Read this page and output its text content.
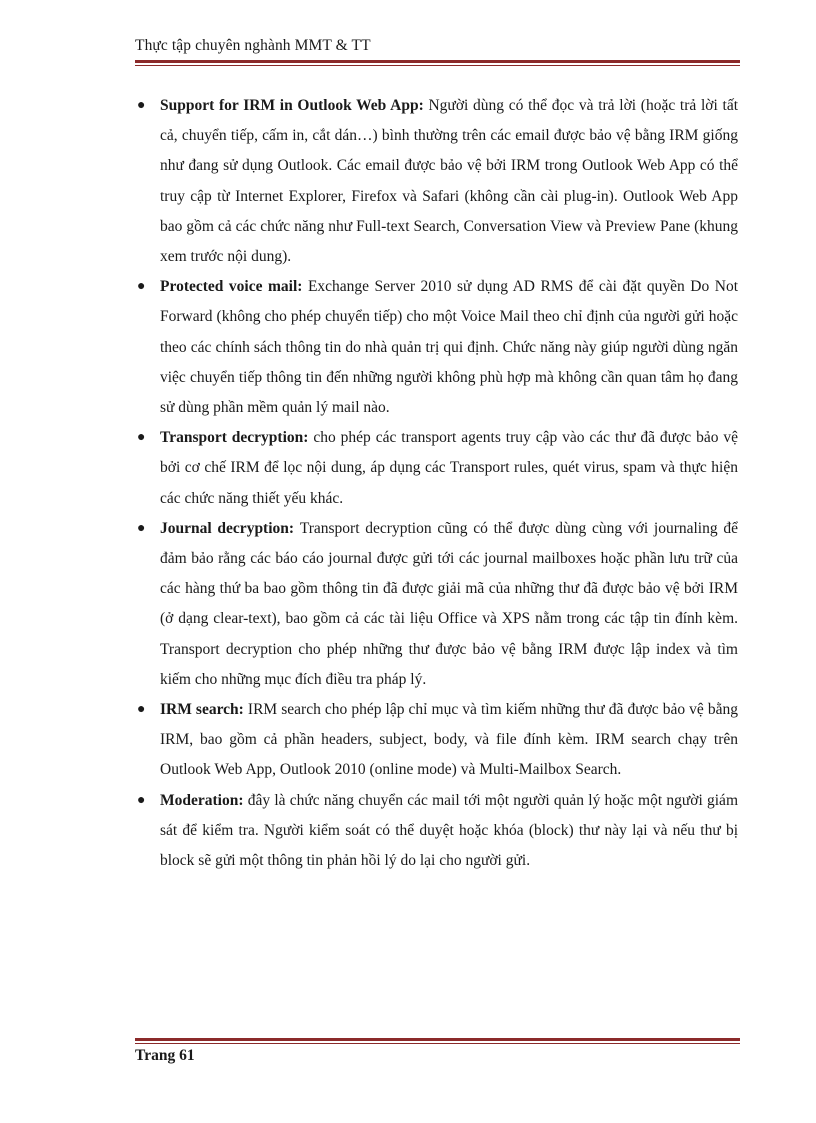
Thực tập chuyên nghành MMT & TT
● Support for IRM in Outlook Web App: Người dùng có thể đọc và trả lời (hoặc trả lời tất cả, chuyển tiếp, cấm in, cắt dán…) bình thường trên các email được bảo vệ bằng IRM giống như đang sử dụng Outlook. Các email được bảo vệ bởi IRM trong Outlook Web App có thể truy cập từ Internet Explorer, Firefox và Safari (không cần cài plug-in). Outlook Web App bao gồm cả các chức năng như Full-text Search, Conversation View và Preview Pane (khung xem trước nội dung).
● Protected voice mail: Exchange Server 2010 sử dụng AD RMS để cài đặt quyền Do Not Forward (không cho phép chuyển tiếp) cho một Voice Mail theo chỉ định của người gửi hoặc theo các chính sách thông tin do nhà quản trị qui định. Chức năng này giúp người dùng ngăn việc chuyển tiếp thông tin đến những người không phù hợp mà không cần quan tâm họ đang sử dùng phần mềm quản lý mail nào.
● Transport decryption: cho phép các transport agents truy cập vào các thư đã được bảo vệ bởi cơ chế IRM để lọc nội dung, áp dụng các Transport rules, quét virus, spam và thực hiện các chức năng thiết yếu khác.
● Journal decryption: Transport decryption cũng có thể được dùng cùng với journaling để đảm bảo rằng các báo cáo journal được gửi tới các journal mailboxes hoặc phần lưu trữ của các hàng thứ ba bao gồm thông tin đã được giải mã của những thư đã được bảo vệ bởi IRM (ở dạng clear-text), bao gồm cả các tài liệu Office và XPS nằm trong các tập tin đính kèm. Transport decryption cho phép những thư được bảo vệ bằng IRM được lập index và tìm kiếm cho những mục đích điều tra pháp lý.
● IRM search: IRM search cho phép lập chỉ mục và tìm kiếm những thư đã được bảo vệ bằng IRM, bao gồm cả phần headers, subject, body, và file đính kèm. IRM search chạy trên Outlook Web App, Outlook 2010 (online mode) và Multi-Mailbox Search.
● Moderation: đây là chức năng chuyển các mail tới một người quản lý hoặc một người giám sát để kiểm tra. Người kiểm soát có thể duyệt hoặc khóa (block) thư này lại và nếu thư bị block sẽ gửi một thông tin phản hồi lý do lại cho người gửi.
Trang 61
